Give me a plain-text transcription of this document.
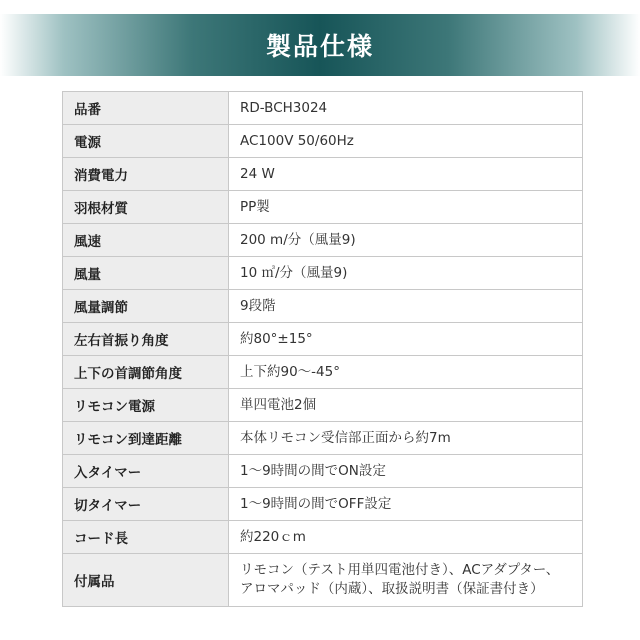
製品仕様
品番	RD-BCH3024

電源	AC100V 50/60Hz

消費電力	24 W

羽根材質	PP製

風速	200 m/分（風量9)

風量	10 ㎥/分（風量9)

風量調節	9段階

左右首振り角度	約80°±15°

上下の首調節角度	上下約90～-45°

リモコン電源	単四電池2個

リモコン到達距離	本体リモコン受信部正面から約7m

入タイマー	1～9時間の間でON設定

切タイマー	1～9時間の間でOFF設定

コード長	約220ｃm

付属品	リモコン（テスト用単四電池付き）、ACアダプター、
アロマパッド（内蔵）、取扱説明書（保証書付き）
